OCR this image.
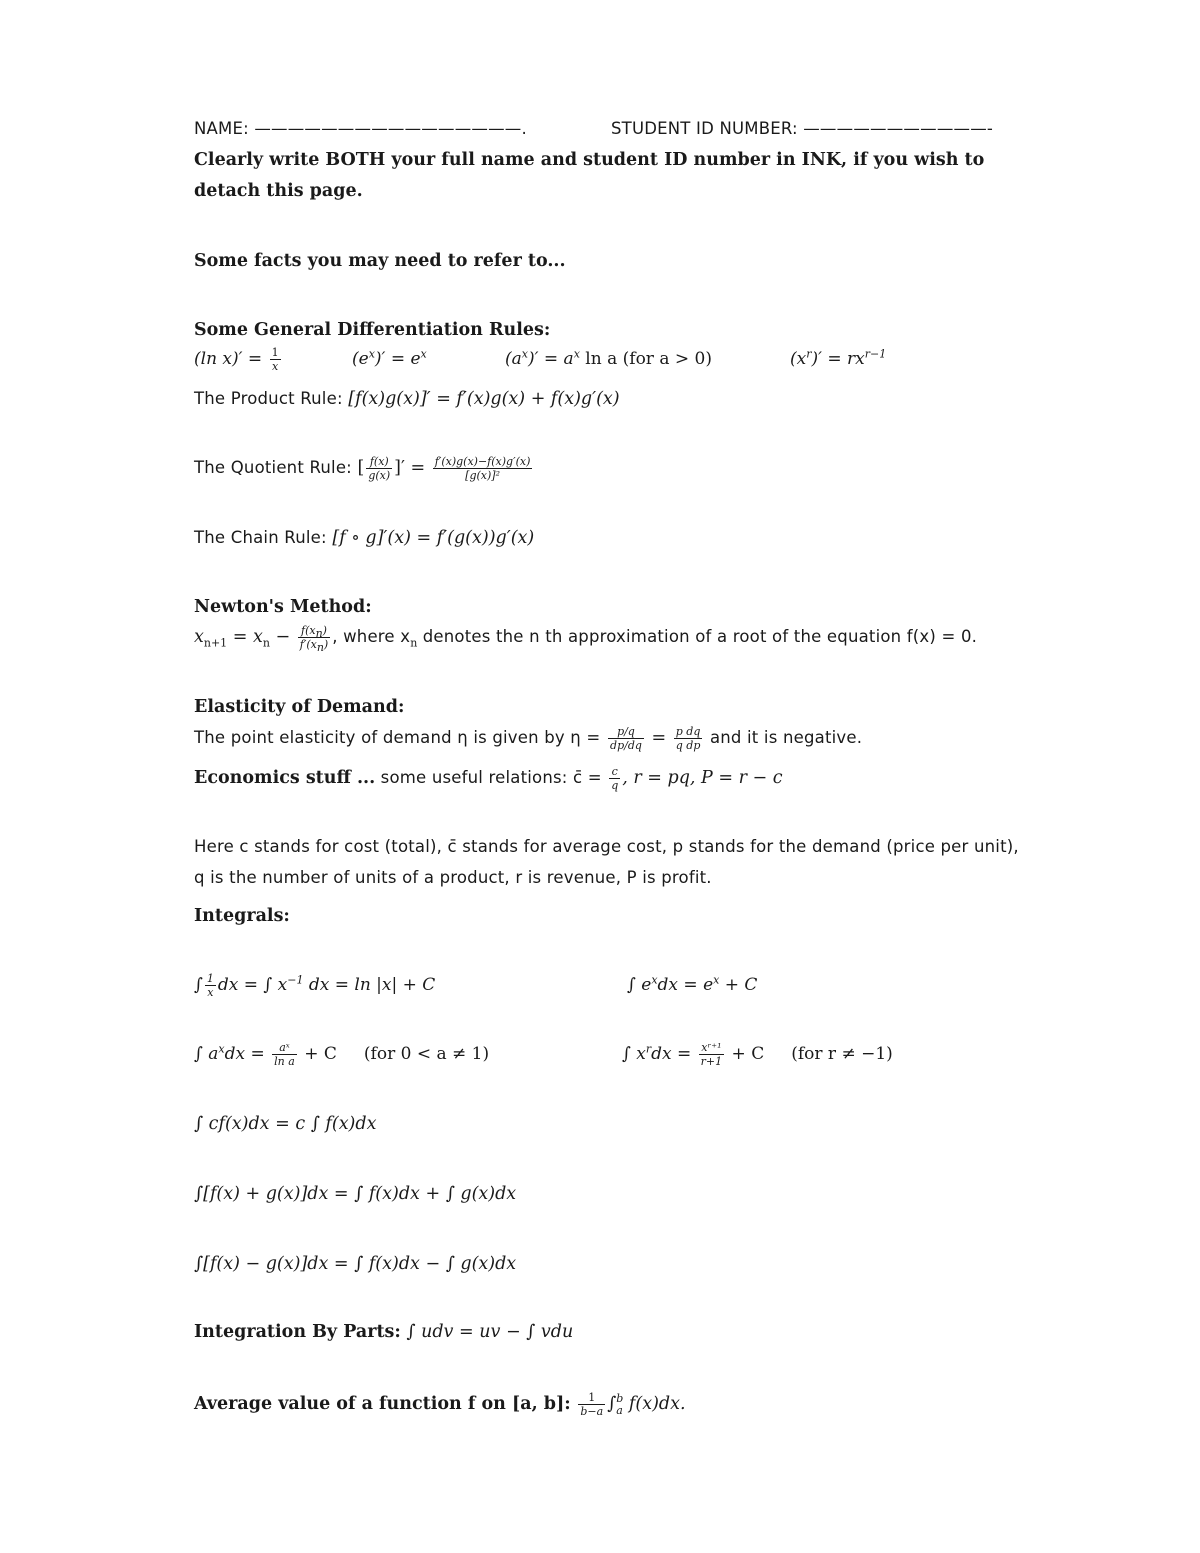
NAME: ————————————————.	STUDENT ID NUMBER: ———————————-
Clearly write BOTH your full name and student ID number in INK, if you wish to
detach this page.
Some facts you may need to refer to...
Some General Differentiation Rules:
(ln $x)' = \frac{1}{x}$	$(e^x)' = e^x$	$(a^x)' = a^x$ ln a (for a > 0)	$(x^r)' = rx^{r-1}$
The Product Rule: [f(x)g(x)]′ = f′(x)g(x) + f(x)g′(x)
The Quotient Rule: [ $\frac{f(x)}{g(x)}$ ]′ = $\frac{f'(x)g(x)-f(x)g'(x)}{\text{[g(x)]²}}$
The Chain Rule: [f ∘ g]′(x) = f′(g(x))g′(x)
Newton's Method:
$x_{n+1} = x_n - \frac{f(x_n)}{f'(x_n)}$ , where $x_n$ denotes the n th approximation of a root of the equation f(x) = 0.
Elasticity of Demand:
The point elasticity of demand η is given by $\eta = \frac{p/q}{dp/dq} = \frac{\text{p dq}}{\text{q dp}}$ and it is negative.
Economics stuff ... some useful relations: c̄ = $\frac{c}{q}$ , r = pq, P = r − c
Here c stands for cost (total), c̄ stands for average cost, p stands for the demand (price per unit),
q is the number of units of a product, r is revenue, P is profit.
Integrals:
∫ $\frac{1}{x}$ dx = ∫ $x^{-1}$ dx = ln |x| + C	∫ $e^xdx = e^x + C$
∫ $a^xdx = \frac{\text{aˣ}}{\text{ln a}} + C$     (for 0 < a ≠ 1)	∫ $x^rdx = \frac{\text{xʳ⁺¹}}{r+1} + C$     (for r ≠ −1)
∫ cf(x)dx = c ∫ f(x)dx
∫[f(x) + g(x)]dx = ∫ f(x)dx + ∫ g(x)dx
∫[f(x) − g(x)]dx = ∫ f(x)dx − ∫ g(x)dx
Integration By Parts: ∫ udv = uv − ∫ vdu
Average value of a function f on [a, b]: $\frac{1}{b-a}$ ∫ b
a f(x)dx.
